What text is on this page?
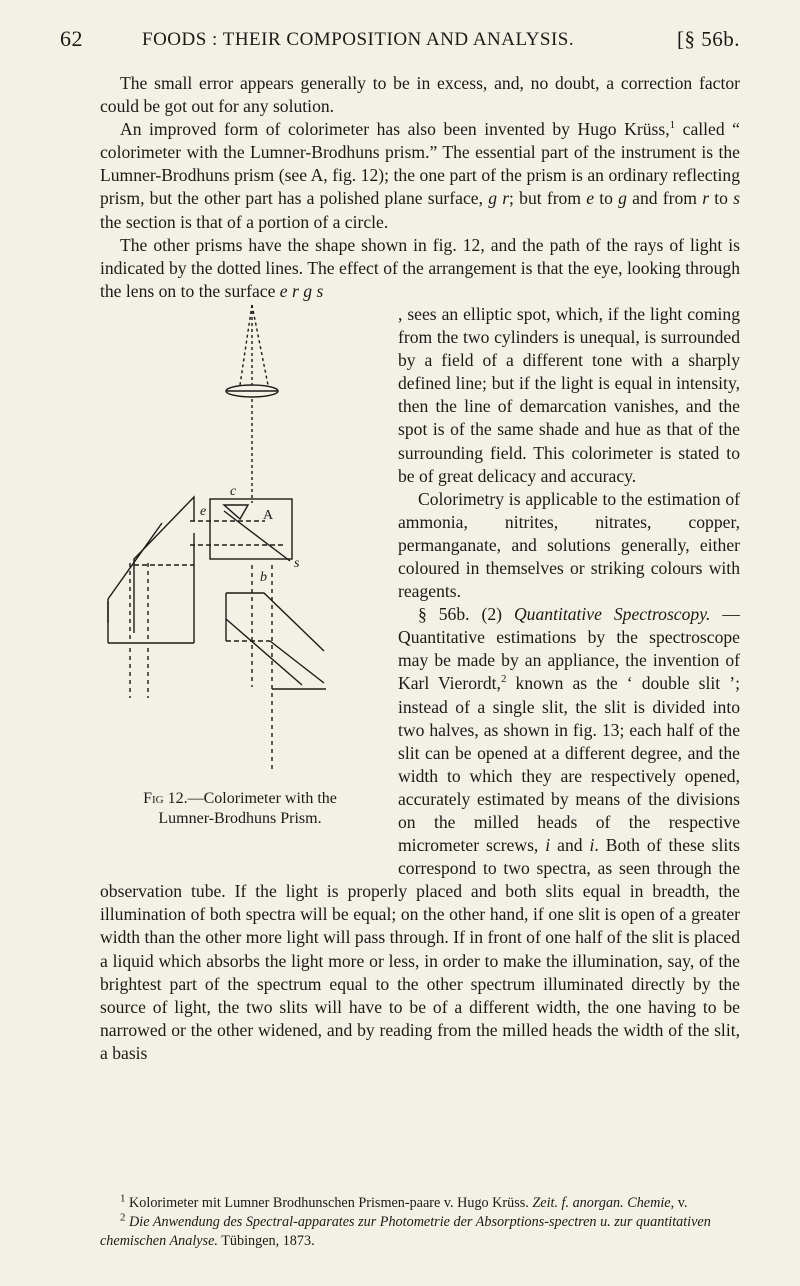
62	FOODS : THEIR COMPOSITION AND ANALYSIS.	[§ 56b.

The small error appears generally to be in excess, and, no doubt, a correction factor could be got out for any solution.

An improved form of colorimeter has also been invented by Hugo Krüss,$^1$ called “ colorimeter with the Lumner-Brodhuns prism.” The essential part of the instrument is the Lumner-Brodhuns prism (see A, fig. 12); the one part of the prism is an ordinary reflecting prism, but the other part has a polished plane surface, g r; but from e to g and from r to s the section is that of a portion of a circle.

The other prisms have the shape shown in fig. 12, and the path of the rays of light is indicated by the dotted lines. The effect of the arrangement is that the eye, looking through the lens on to the surface e r g s

A
c
e
s
b
Fig 12.—Colorimeter with the
Lumner-Brodhuns Prism.

, sees an elliptic spot, which, if the light coming from the two cylinders is unequal, is surrounded by a field of a different tone with a sharply defined line; but if the light is equal in intensity, then the line of demarcation vanishes, and the spot is of the same shade and hue as that of the surrounding field. This colorimeter is stated to be of great delicacy and accuracy.

Colorimetry is applicable to the estimation of ammonia, nitrites, nitrates, copper, permanganate, and solutions generally, either coloured in themselves or striking colours with reagents.

§ 56b. (2) Quantitative Spectroscopy. — Quantitative estimations by the spectroscope may be made by an appliance, the invention of Karl Vierordt,$^2$ known as the ‘ double slit ’; instead of a single slit, the slit is divided into two halves, as shown in fig. 13; each half of the slit can be opened at a different degree, and the width to which they are respectively opened, accurately estimated by means of the divisions on the milled heads of the respective micrometer screws, i and i. Both of these slits correspond to two spectra, as seen through the observation tube. If the light is properly placed and both slits equal in breadth, the illumination of both spectra will be equal; on the other hand, if one slit is open of a greater width than the other more light will pass through. If in front of one half of the slit is placed a liquid which absorbs the light more or less, in order to make the illumination, say, of the brightest part of the spectrum equal to the other spectrum illuminated directly by the source of light, the two slits will have to be of a different width, the one having to be narrowed or the other widened, and by reading from the milled heads the width of the slit, a basis

$^1$ Kolorimeter mit Lumner Brodhunschen Prismen-paare v. Hugo Krüss. Zeit. f. anorgan. Chemie, v.

$^2$ Die Anwendung des Spectral-apparates zur Photometrie der Absorptions-spectren u. zur quantitativen chemischen Analyse. Tübingen, 1873.
